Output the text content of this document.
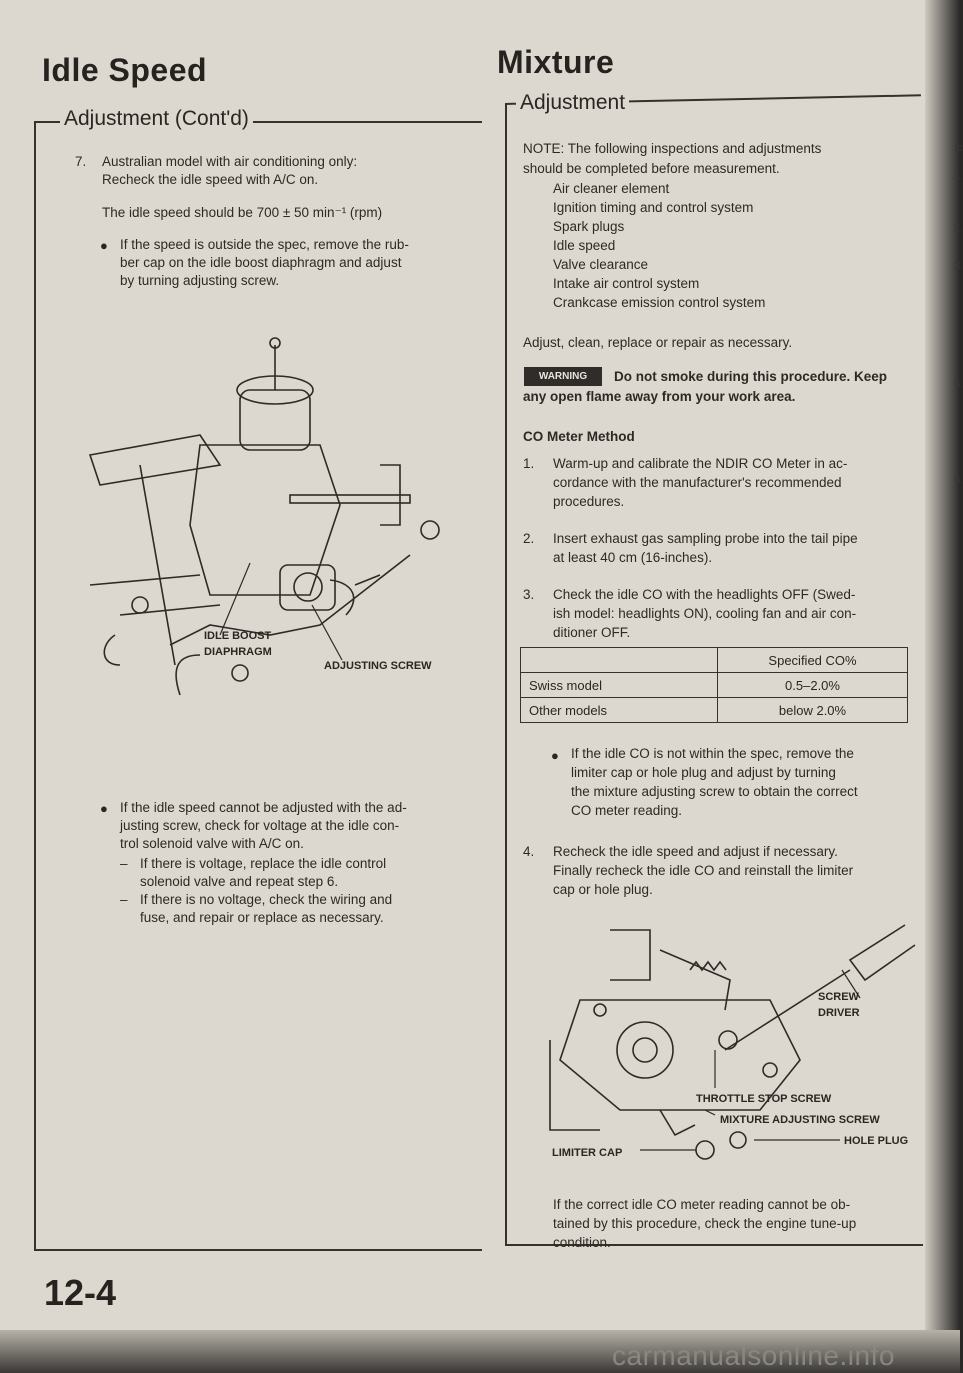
Idle Speed
Adjustment (Cont'd)
7. Australian model with air conditioning only:
Recheck the idle speed with A/C on.
The idle speed should be 700 ± 50 min⁻¹ (rpm)
● If the speed is outside the spec, remove the rub-
ber cap on the idle boost diaphragm and adjust
by turning adjusting screw.
IDLE BOOST
DIAPHRAGM
ADJUSTING SCREW
● If the idle speed cannot be adjusted with the ad-
justing screw, check for voltage at the idle con-
trol solenoid valve with A/C on.
– If there is voltage, replace the idle control
solenoid valve and repeat step 6.
– If there is no voltage, check the wiring and
fuse, and repair or replace as necessary.
12-4
Mixture
Adjustment
NOTE: The following inspections and adjustments
should be completed before measurement.
Air cleaner element
Ignition timing and control system
Spark plugs
Idle speed
Valve clearance
Intake air control system
Crankcase emission control system
Adjust, clean, replace or repair as necessary.
WARNING	Do not smoke during this procedure. Keep
any open flame away from your work area.
CO Meter Method
1. Warm-up and calibrate the NDIR CO Meter in ac-
cordance with the manufacturer's recommended
procedures.
2. Insert exhaust gas sampling probe into the tail pipe
at least 40 cm (16-inches).
3. Check the idle CO with the headlights OFF (Swed-
ish model: headlights ON), cooling fan and air con-
ditioner OFF.
	Specified CO%
Swiss model	0.5–2.0%
Other models	below 2.0%
● If the idle CO is not within the spec, remove the
limiter cap or hole plug and adjust by turning
the mixture adjusting screw to obtain the correct
CO meter reading.
4. Recheck the idle speed and adjust if necessary.
Finally recheck the idle CO and reinstall the limiter
cap or hole plug.
SCREW
DRIVER
THROTTLE STOP SCREW
MIXTURE ADJUSTING SCREW
HOLE PLUG
LIMITER CAP
If the correct idle CO meter reading cannot be ob-
tained by this procedure, check the engine tune-up
condition.
Ic
1.
2.
3.
4.
5.
carmanualsonline.info
